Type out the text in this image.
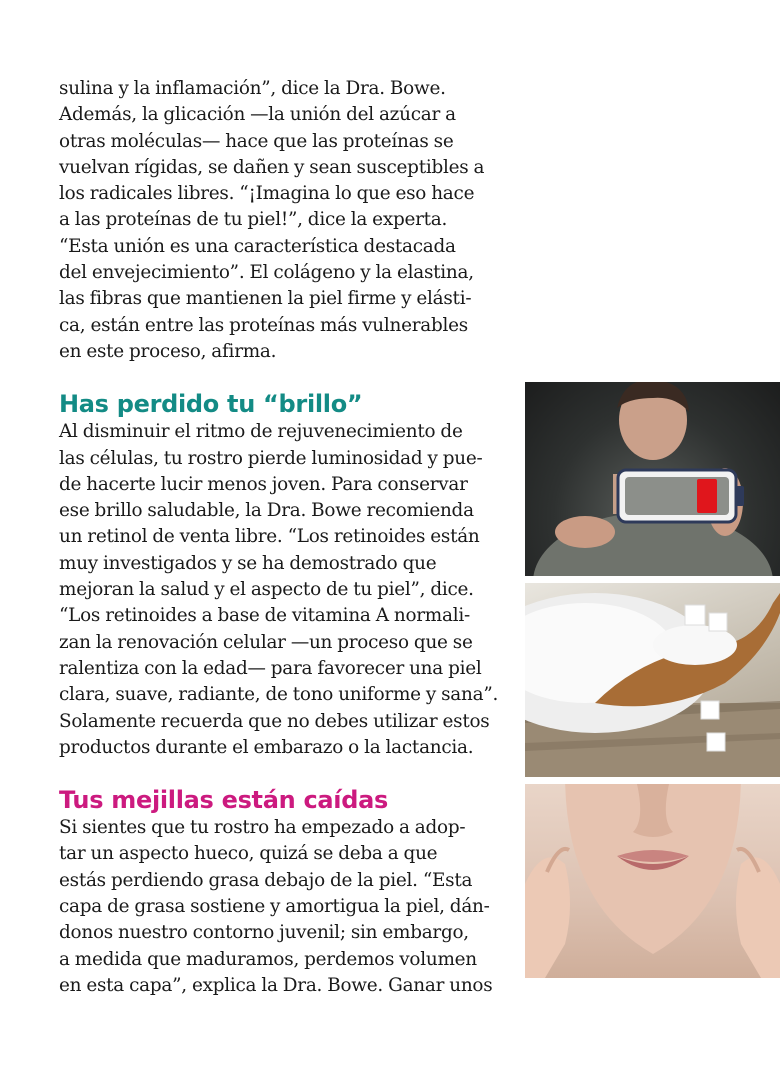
sulina y la inflamación”, dice la Dra. Bowe.
Además, la glicación —la unión del azúcar a
otras moléculas— hace que las proteínas se
vuelvan rígidas, se dañen y sean susceptibles a
los radicales libres. “¡Imagina lo que eso hace
a las proteínas de tu piel!”, dice la experta.
“Esta unión es una característica destacada
del envejecimiento”. El colágeno y la elastina,
las fibras que mantienen la piel firme y elásti-
ca, están entre las proteínas más vulnerables
en este proceso, afirma.

Has perdido tu “brillo”

Al disminuir el ritmo de rejuvenecimiento de
las células, tu rostro pierde luminosidad y pue-
de hacerte lucir menos joven. Para conservar
ese brillo saludable, la Dra. Bowe recomienda
un retinol de venta libre. “Los retinoides están
muy investigados y se ha demostrado que
mejoran la salud y el aspecto de tu piel”, dice.
“Los retinoides a base de vitamina A normali-
zan la renovación celular —un proceso que se
ralentiza con la edad— para favorecer una piel
clara, suave, radiante, de tono uniforme y sana”.
Solamente recuerda que no debes utilizar estos
productos durante el embarazo o la lactancia.

Tus mejillas están caídas

Si sientes que tu rostro ha empezado a adop-
tar un aspecto hueco, quizá se deba a que
estás perdiendo grasa debajo de la piel. “Esta
capa de grasa sostiene y amortigua la piel, dán-
donos nuestro contorno juvenil; sin embargo,
a medida que maduramos, perdemos volumen
en esta capa”, explica la Dra. Bowe. Ganar unos
